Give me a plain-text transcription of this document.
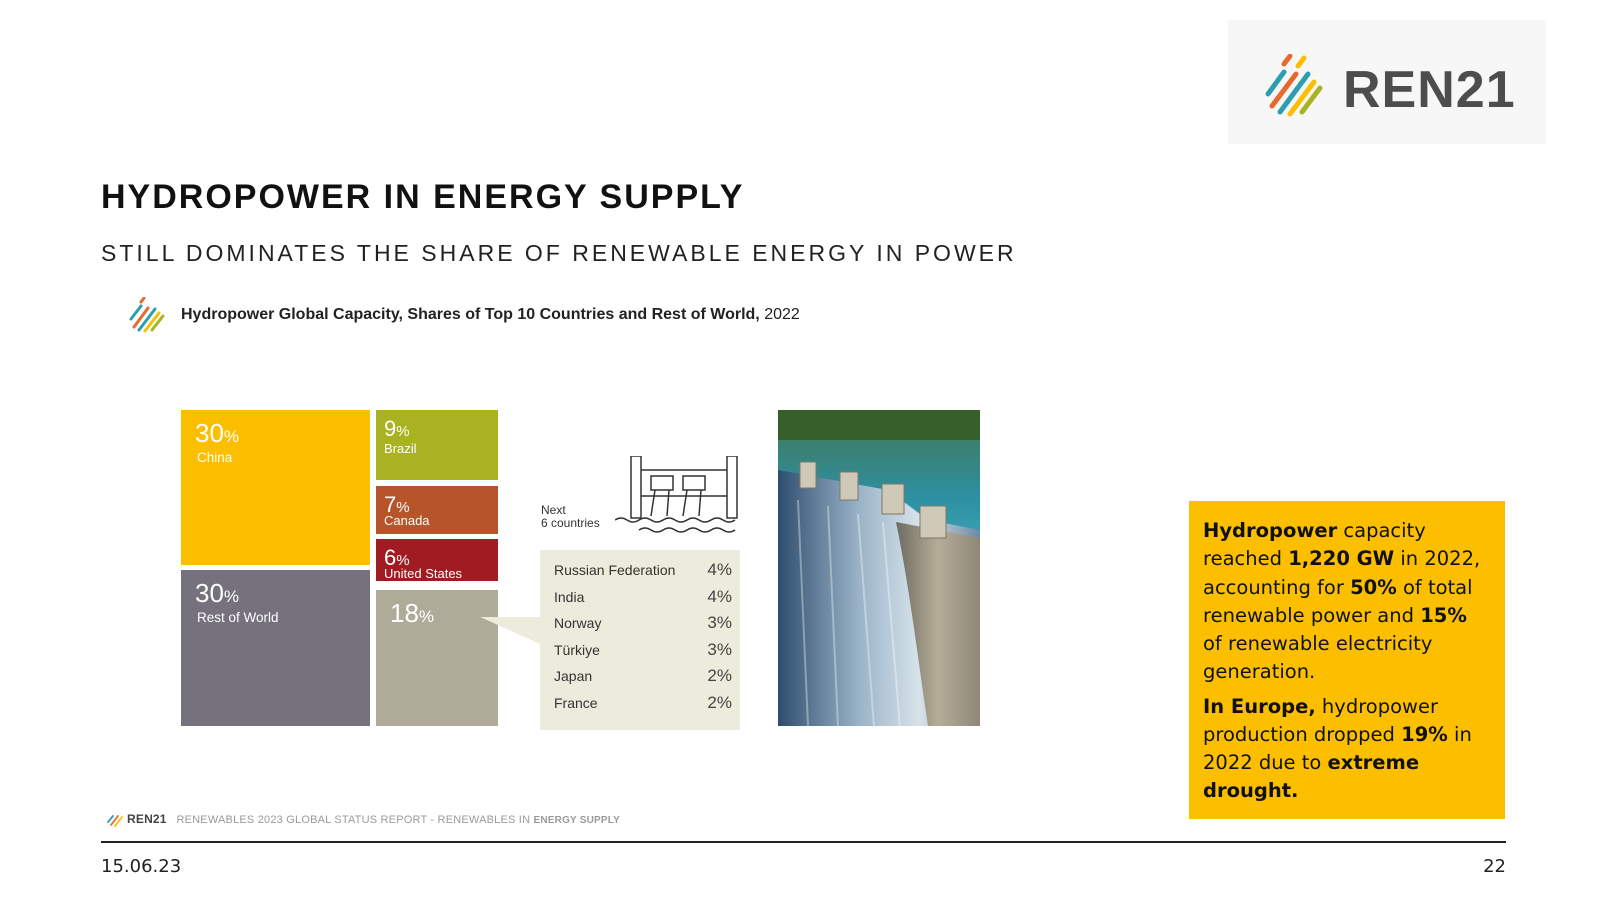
REN21
HYDROPOWER IN ENERGY SUPPLY
STILL DOMINATES THE SHARE OF RENEWABLE ENERGY IN POWER
Hydropower Global Capacity, Shares of Top 10 Countries and Rest of World, 2022
30%
China
30%
Rest of World
9%
Brazil
7%
Canada
6%
United States
18%
Next
6 countries
Russian Federation 4%
India	4%
Norway	3%
Türkiye	3%
Japan	2%
France	2%

Hydropower capacity reached 1,220 GW in 2022, accounting for 50% of total renewable power and 15% of renewable electricity generation.

In Europe, hydropower production dropped 19% in 2022 due to extreme drought.

REN21 RENEWABLES 2023 GLOBAL STATUS REPORT - RENEWABLES IN ENERGY SUPPLY
15.06.23	22
